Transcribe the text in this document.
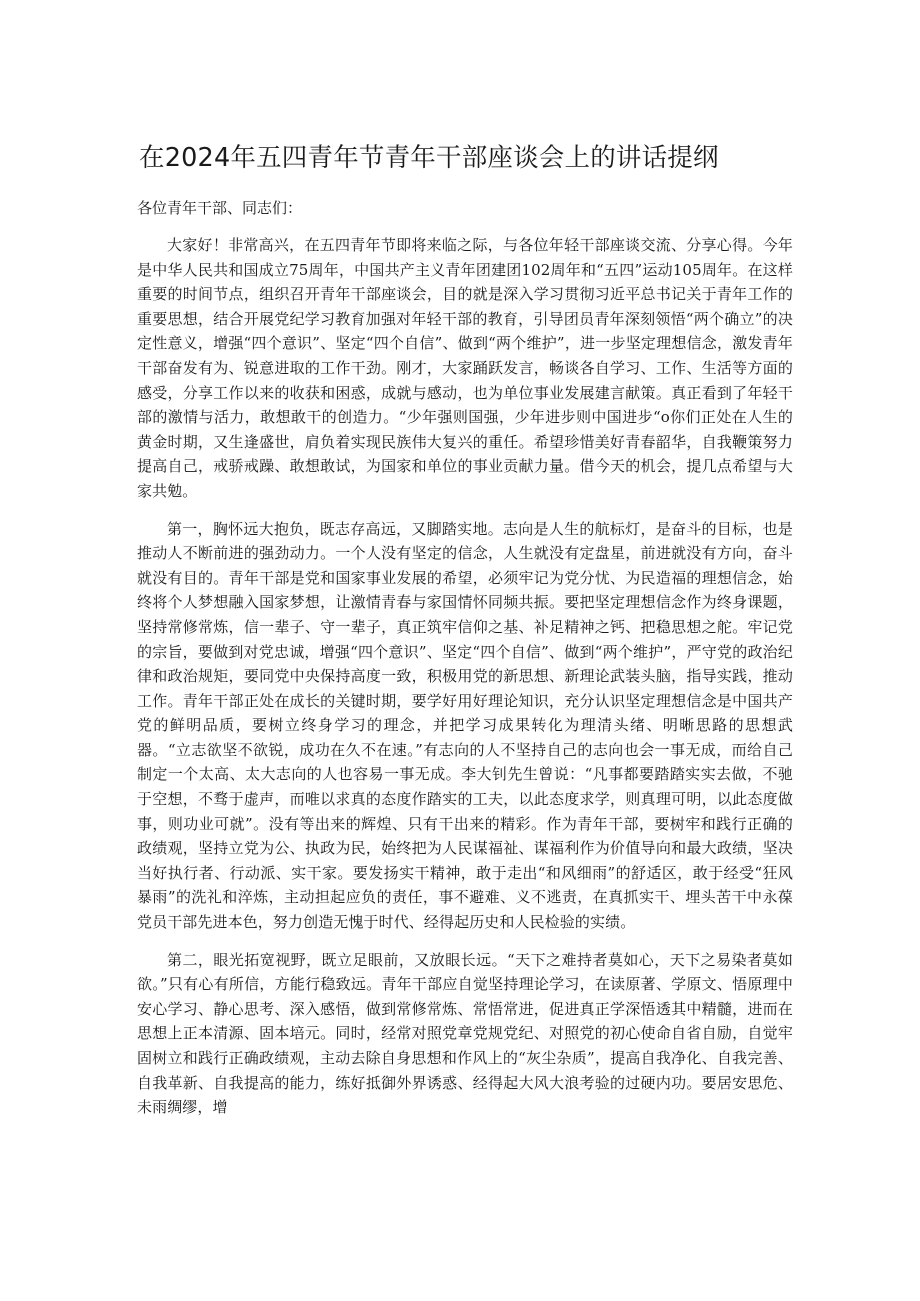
在2024年五四青年节青年干部座谈会上的讲话提纲

各位青年干部、同志们：

大家好！非常高兴，在五四青年节即将来临之际，与各位年轻干部座谈交流、分享心得。今年是中华人民共和国成立75周年，中国共产主义青年团建团102周年和“五四”运动105周年。在这样重要的时间节点，组织召开青年干部座谈会，目的就是深入学习贯彻习近平总书记关于青年工作的重要思想，结合开展党纪学习教育加强对年轻干部的教育，引导团员青年深刻领悟“两个确立”的决定性意义，增强“四个意识”、坚定“四个自信”、做到“两个维护”，进一步坚定理想信念，激发青年干部奋发有为、锐意进取的工作干劲。刚才，大家踊跃发言，畅谈各自学习、工作、生活等方面的感受，分享工作以来的收获和困惑，成就与感动，也为单位事业发展建言献策。真正看到了年轻干部的激情与活力，敢想敢干的创造力。“少年强则国强，少年进步则中国进步“o你们正处在人生的黄金时期，又生逢盛世，肩负着实现民族伟大复兴的重任。希望珍惜美好青春韶华，自我鞭策努力提高自己，戒骄戒躁、敢想敢试，为国家和单位的事业贡献力量。借今天的机会，提几点希望与大家共勉。

第一，胸怀远大抱负，既志存高远，又脚踏实地。志向是人生的航标灯，是奋斗的目标，也是推动人不断前进的强劲动力。一个人没有坚定的信念，人生就没有定盘星，前进就没有方向，奋斗就没有目的。青年干部是党和国家事业发展的希望，必须牢记为党分忧、为民造福的理想信念，始终将个人梦想融入国家梦想，让激情青春与家国情怀同频共振。要把坚定理想信念作为终身课题，坚持常修常炼，信一辈子、守一辈子，真正筑牢信仰之基、补足精神之钙、把稳思想之舵。牢记党的宗旨，要做到对党忠诚，增强“四个意识”、坚定“四个自信”、做到“两个维护”，严守党的政治纪律和政治规矩，要同党中央保持高度一致，积极用党的新思想、新理论武装头脑，指导实践，推动工作。青年干部正处在成长的关键时期，要学好用好理论知识，充分认识坚定理想信念是中国共产党的鲜明品质，要树立终身学习的理念，并把学习成果转化为理清头绪、明晰思路的思想武器。“立志欲坚不欲锐，成功在久不在速。”有志向的人不坚持自己的志向也会一事无成，而给自己制定一个太高、太大志向的人也容易一事无成。李大钊先生曾说：“凡事都要踏踏实实去做，不驰于空想，不骛于虚声，而唯以求真的态度作踏实的工夫，以此态度求学，则真理可明，以此态度做事，则功业可就”。没有等出来的辉煌、只有干出来的精彩。作为青年干部，要树牢和践行正确的政绩观，坚持立党为公、执政为民，始终把为人民谋福祉、谋福利作为价值导向和最大政绩，坚决当好执行者、行动派、实干家。要发扬实干精神，敢于走出“和风细雨”的舒适区，敢于经受“狂风暴雨”的洗礼和淬炼，主动担起应负的责任，事不避难、义不逃责，在真抓实干、埋头苦干中永葆党员干部先进本色，努力创造无愧于时代、经得起历史和人民检验的实绩。

第二，眼光拓宽视野，既立足眼前，又放眼长远。“天下之难持者莫如心，天下之易染者莫如欲。”只有心有所信，方能行稳致远。青年干部应自觉坚持理论学习，在读原著、学原文、悟原理中安心学习、静心思考、深入感悟，做到常修常炼、常悟常进，促进真正学深悟透其中精髓，进而在思想上正本清源、固本培元。同时，经常对照党章党规党纪、对照党的初心使命自省自励，自觉牢固树立和践行正确政绩观，主动去除自身思想和作风上的“灰尘杂质”，提高自我净化、自我完善、自我革新、自我提高的能力，练好抵御外界诱惑、经得起大风大浪考验的过硬内功。要居安思危、未雨绸缪，增
